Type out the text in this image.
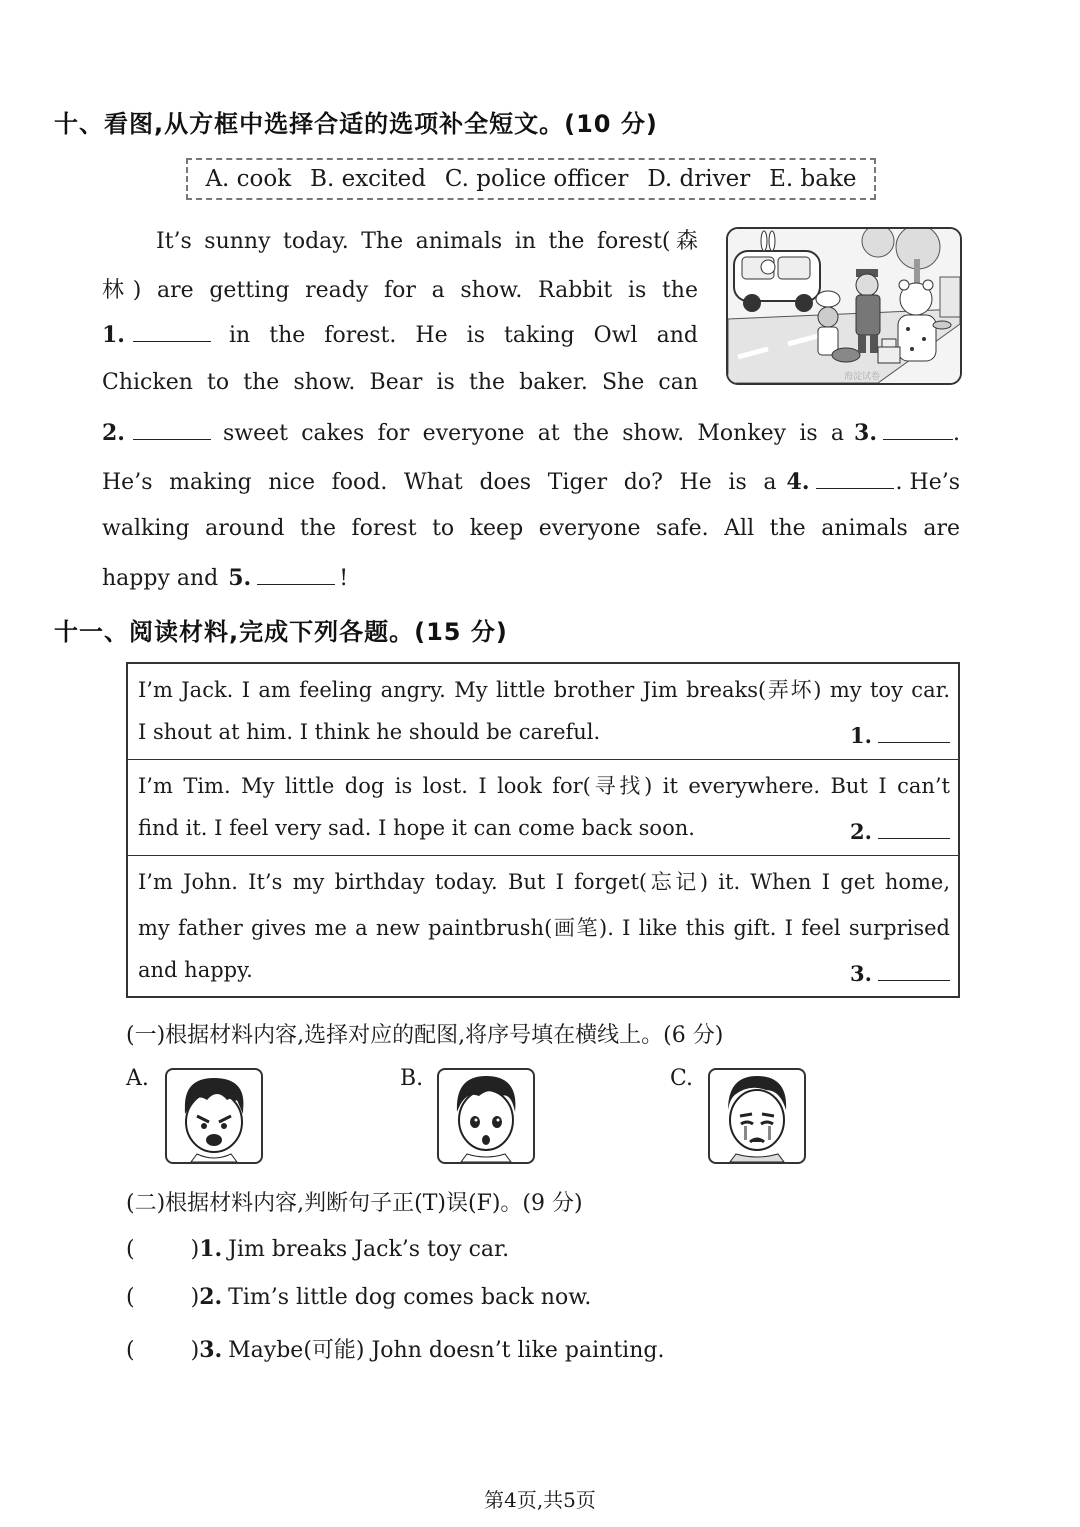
十、看图,从方框中选择合适的选项补全短文。(10 分)
A. cook B. excited C. police officer D. driver E. bake
It’s sunny today. The animals in the forest(森
林) are getting ready for a show. Rabbit is the
1.	in the forest. He is taking Owl and
Chicken to the show. Bear is the baker. She can
2.	sweet cakes for everyone at the show. Monkey is a 3.	.
He’s making nice food. What does Tiger do? He is a 4.	. He’s
walking around the forest to keep everyone safe. All the animals are
happy and 5.	!
海淀试卷
十一、阅读材料,完成下列各题。(15 分)
I’m Jack. I am feeling angry. My little brother Jim breaks(弄坏) my toy car.
I shout at him. I think he should be careful.	1.
I’m Tim. My little dog is lost. I look for(寻找) it everywhere. But I can’t
find it. I feel very sad. I hope it can come back soon.	2.
I’m John. It’s my birthday today. But I forget(忘记) it. When I get home,
my father gives me a new paintbrush(画笔). I like this gift. I feel surprised
and happy.	3.
(一)根据材料内容,选择对应的配图,将序号填在横线上。(6 分)
A.	B.	C.
(二)根据材料内容,判断句子正(T)误(F)。(9 分)
(	) 1. Jim breaks Jack’s toy car.
(	) 2. Tim’s little dog comes back now.
(	) 3. Maybe(可能) John doesn’t like painting.
第4页,共5页
